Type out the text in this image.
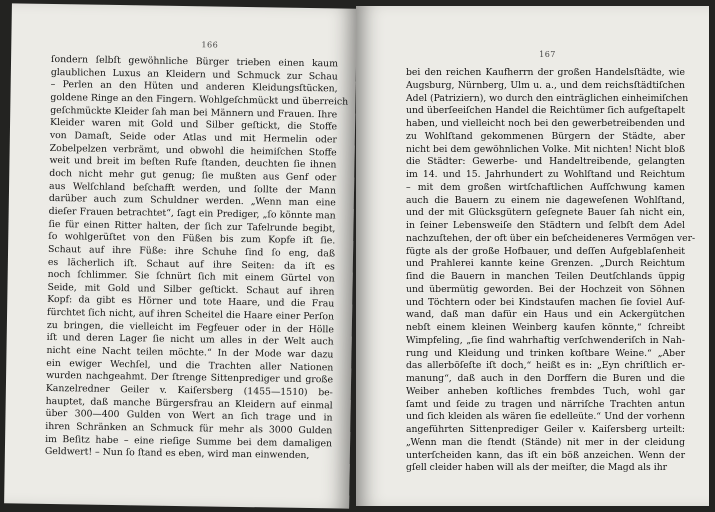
166
ſondern ſelbſt gewöhnliche Bürger trieben einen kaum
glaublichen Luxus an Kleidern und Schmuck zur Schau
– Perlen an den Hüten und anderen Kleidungsſtücken,
goldene Ringe an den Fingern. Wohlgeſchmückt und überreich
geſchmückte Kleider ſah man bei Männern und Frauen. Ihre
Kleider waren mit Gold und Silber geſtickt, die Stoffe
von Damaſt, Seide oder Atlas und mit Hermelin oder
Zobelpelzen verbrämt, und obwohl die heimiſchen Stoffe
weit und breit im beſten Rufe ſtanden, deuchten ſie ihnen
doch nicht mehr gut genug; ſie mußten aus Genf oder
aus Welſchland beſchafft werden, und ſollte der Mann
darüber auch zum Schuldner werden. „Wenn man eine
dieſer Frauen betrachtet“, ſagt ein Prediger, „ſo könnte man
ſie für einen Ritter halten, der ſich zur Tafelrunde begibt,
ſo wohlgerüſtet von den Füßen bis zum Kopfe iſt ſie.
Schaut auf ihre Füße: ihre Schuhe ſind ſo eng, daß
es lächerlich iſt. Schaut auf ihre Seiten: da iſt es
noch ſchlimmer. Sie ſchnürt ſich mit einem Gürtel von
Seide, mit Gold und Silber geſtickt. Schaut auf ihren
Kopf: da gibt es Hörner und tote Haare, und die Frau
fürchtet ſich nicht, auf ihren Scheitel die Haare einer Perſon
zu bringen, die vielleicht im Fegfeuer oder in der Hölle
iſt und deren Lager ſie nicht um alles in der Welt auch
nicht eine Nacht teilen möchte.“ In der Mode war dazu
ein ewiger Wechſel, und die Trachten aller Nationen
wurden nachgeahmt. Der ſtrenge Sittenprediger und große
Kanzelredner Geiler v. Kaiſersberg (1455—1510) be-
hauptet, daß manche Bürgersfrau an Kleidern auf einmal
über 300—400 Gulden von Wert an ſich trage und in
ihren Schränken an Schmuck für mehr als 3000 Gulden
im Beſitz habe – eine rieſige Summe bei dem damaligen
Geldwert! – Nun ſo ſtand es eben, wird man einwenden,
167
bei den reichen Kaufherrn der großen Handelsſtädte, wie
Augsburg, Nürnberg, Ulm u. a., und dem reichsſtädtiſchen
Adel (Patriziern), wo durch den einträglichen einheimiſchen
und überſeeiſchen Handel die Reichtümer ſich aufgeſtapelt
haben, und vielleicht noch bei den gewerbetreibenden und
zu Wohlſtand gekommenen Bürgern der Städte, aber
nicht bei dem gewöhnlichen Volke. Mit nichten! Nicht bloß
die Städter: Gewerbe- und Handeltreibende, gelangten
im 14. und 15. Jahrhundert zu Wohlſtand und Reichtum
– mit dem großen wirtſchaftlichen Aufſchwung kamen
auch die Bauern zu einem nie dageweſenen Wohlſtand,
und der mit Glücksgütern geſegnete Bauer ſah nicht ein,
in ſeiner Lebensweiſe den Städtern und ſelbſt dem Adel
nachzuſtehen, der oft über ein beſcheideneres Vermögen ver-
fügte als der große Hofbauer, und deſſen Aufgeblaſenheit
und Prahlerei kannte keine Grenzen. „Durch Reichtum
ſind die Bauern in manchen Teilen Deutſchlands üppig
und übermütig geworden. Bei der Hochzeit von Söhnen
und Töchtern oder bei Kindstaufen machen ſie ſoviel Auf-
wand, daß man dafür ein Haus und ein Ackergütchen
nebſt einem kleinen Weinberg kaufen könnte,“ ſchreibt
Wimpfeling, „ſie ſind wahrhaftig verſchwenderiſch in Nah-
rung und Kleidung und trinken koſtbare Weine.“ „Aber
das allerböſeſte iſt doch,“ heißt es in: „Eyn chriſtlich er-
manung“, daß auch in den Dorffern die Buren und die
Weiber anheben koſtliches frembdes Tuch, wohl gar
ſamt und ſeide zu tragen und närriſche Trachten antun
und ſich kleiden als wären ſie edelleüte.“ Und der vorhenn
angeführten Sittenprediger Geiler v. Kaiſersberg urteilt:
„Wenn man die ſtendt (Stände) nit mer in der cleidung
unterſcheiden kann, das iſt ein böß anzeichen. Wenn der
gſell cleider haben will als der meiſter, die Magd als ihr
